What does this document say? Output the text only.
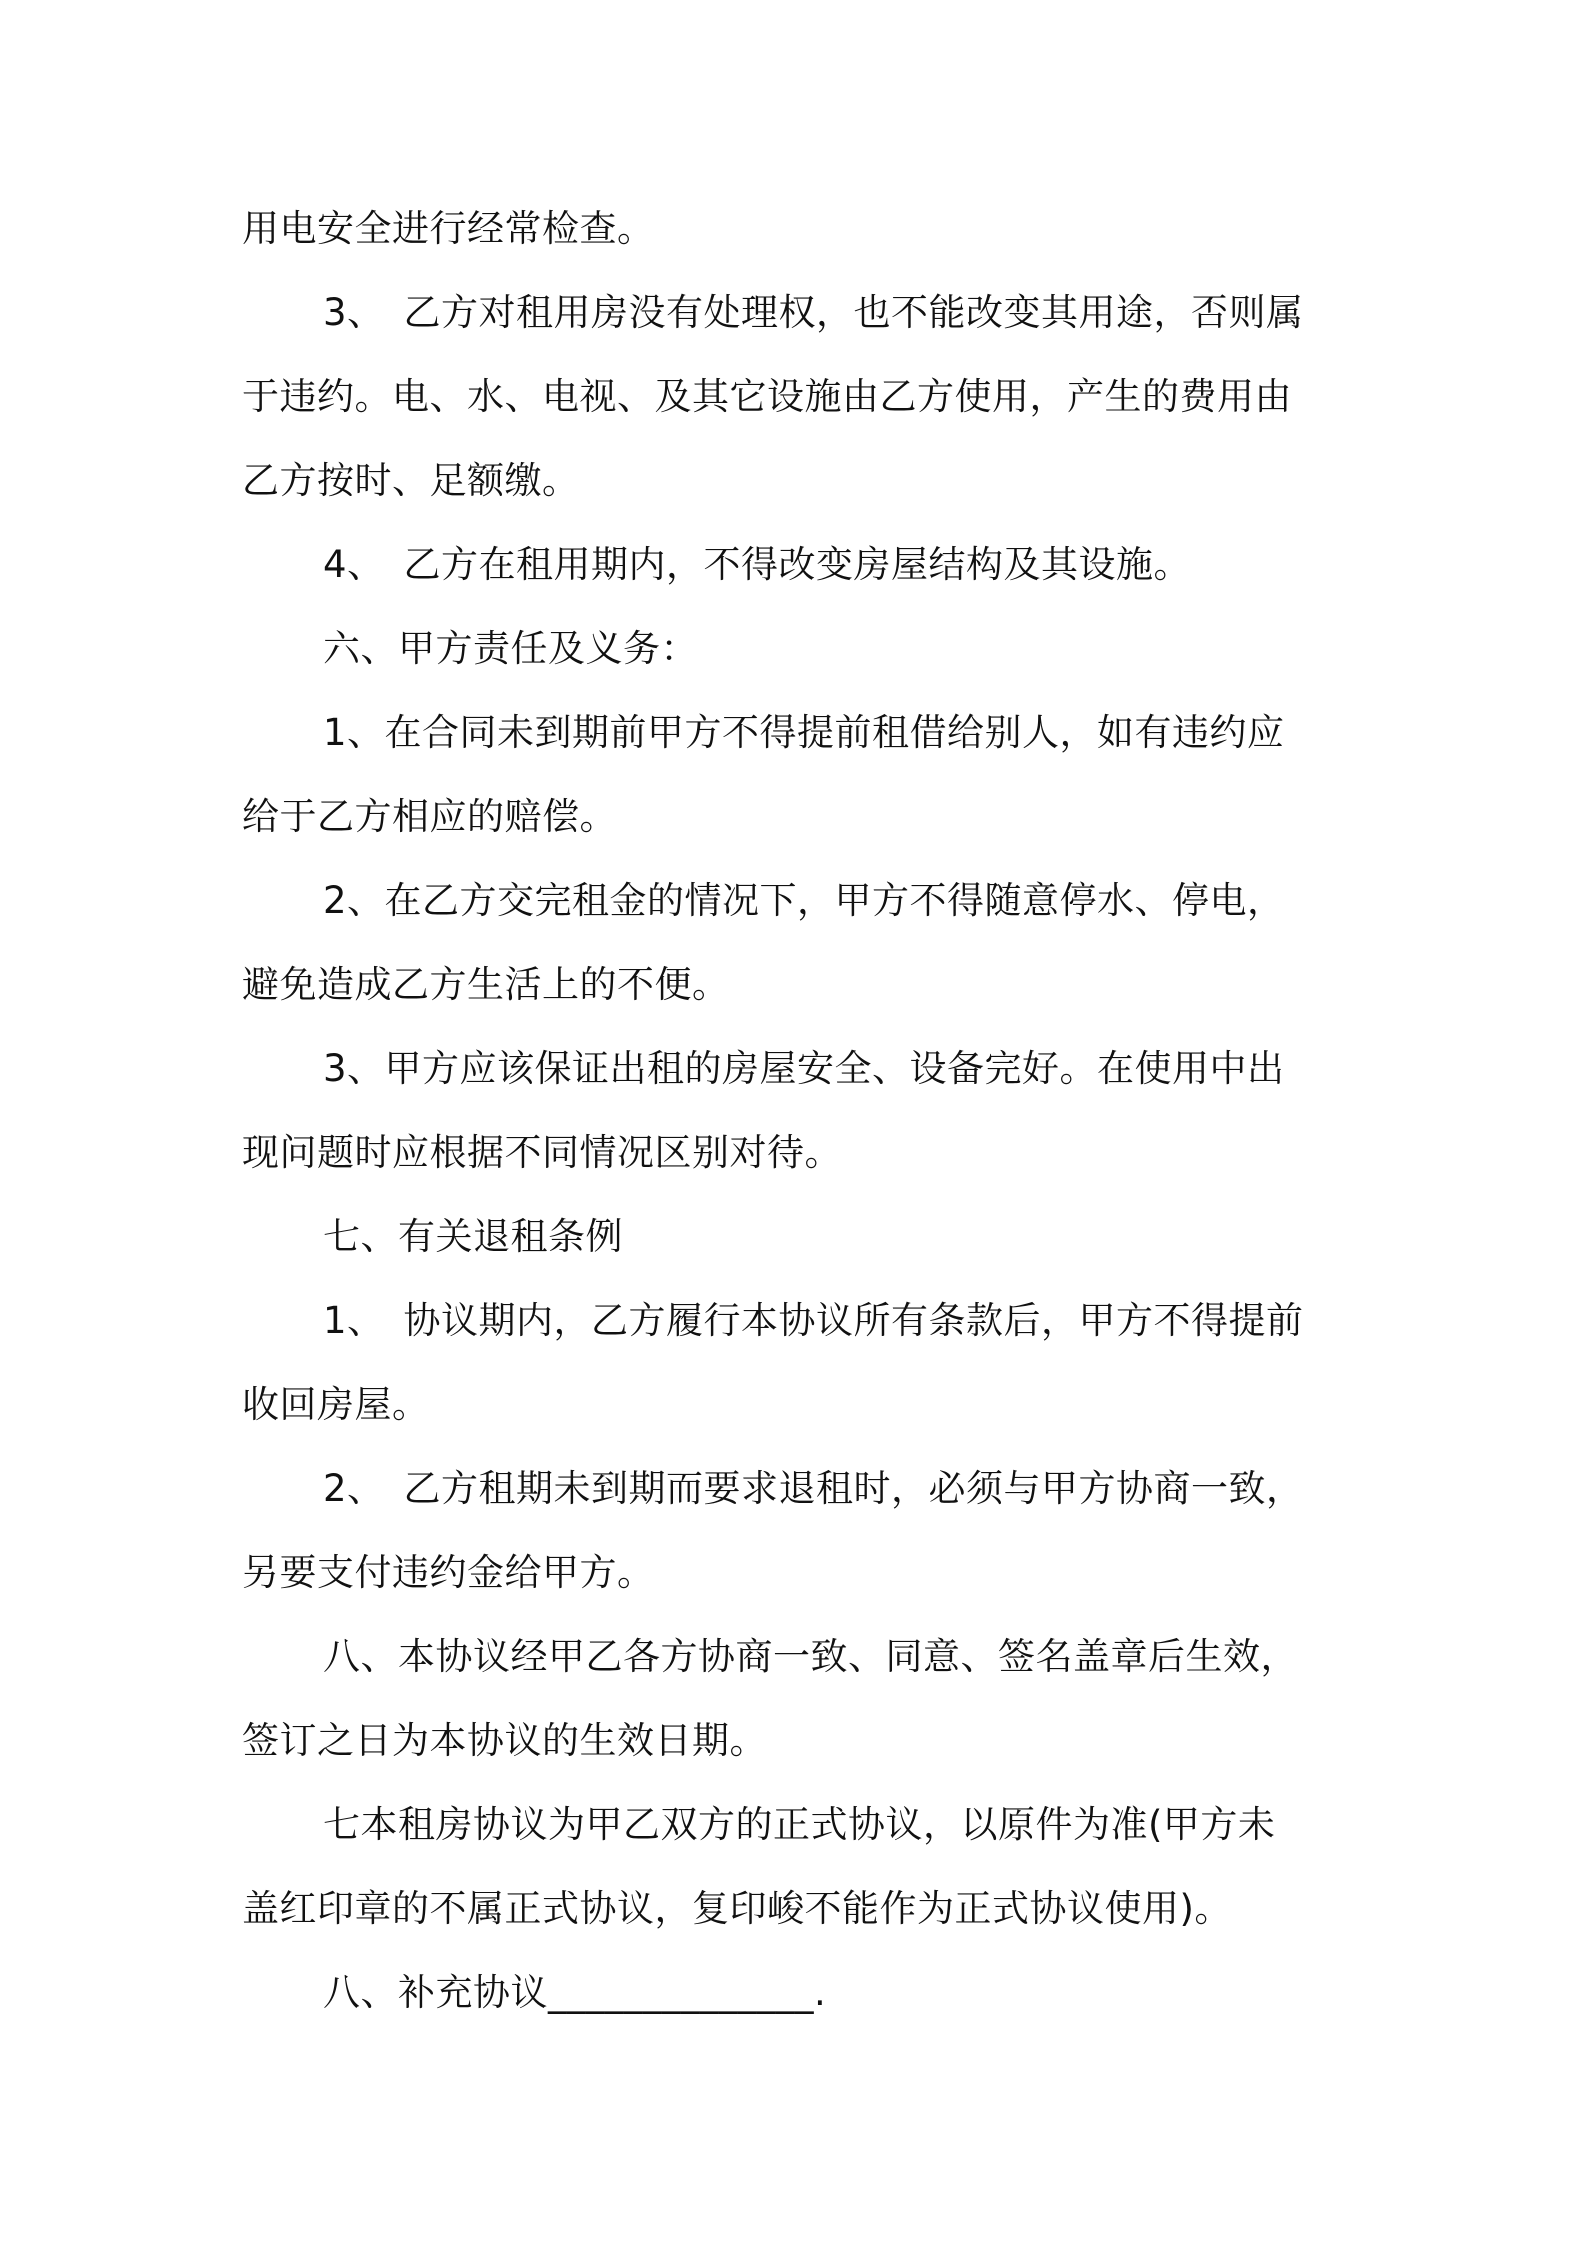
用电安全进行经常检查。
3、　乙方对租用房没有处理权，也不能改变其用途，否则属
于违约。电、水、电视、及其它设施由乙方使用，产生的费用由
乙方按时、足额缴。
4、　乙方在租用期内，不得改变房屋结构及其设施。
六、甲方责任及义务：
1、在合同未到期前甲方不得提前租借给别人，如有违约应
给于乙方相应的赔偿。
2、在乙方交完租金的情况下，甲方不得随意停水、停电，
避免造成乙方生活上的不便。
3、甲方应该保证出租的房屋安全、设备完好。在使用中出
现问题时应根据不同情况区别对待。
七、有关退租条例
1、　协议期内，乙方履行本协议所有条款后，甲方不得提前
收回房屋。
2、　乙方租期未到期而要求退租时，必须与甲方协商一致，
另要支付违约金给甲方。
八、本协议经甲乙各方协商一致、同意、签名盖章后生效，
签订之日为本协议的生效日期。
七本租房协议为甲乙双方的正式协议，以原件为准(甲方未
盖红印章的不属正式协议，复印峻不能作为正式协议使用)。
八、补充协议______________.
